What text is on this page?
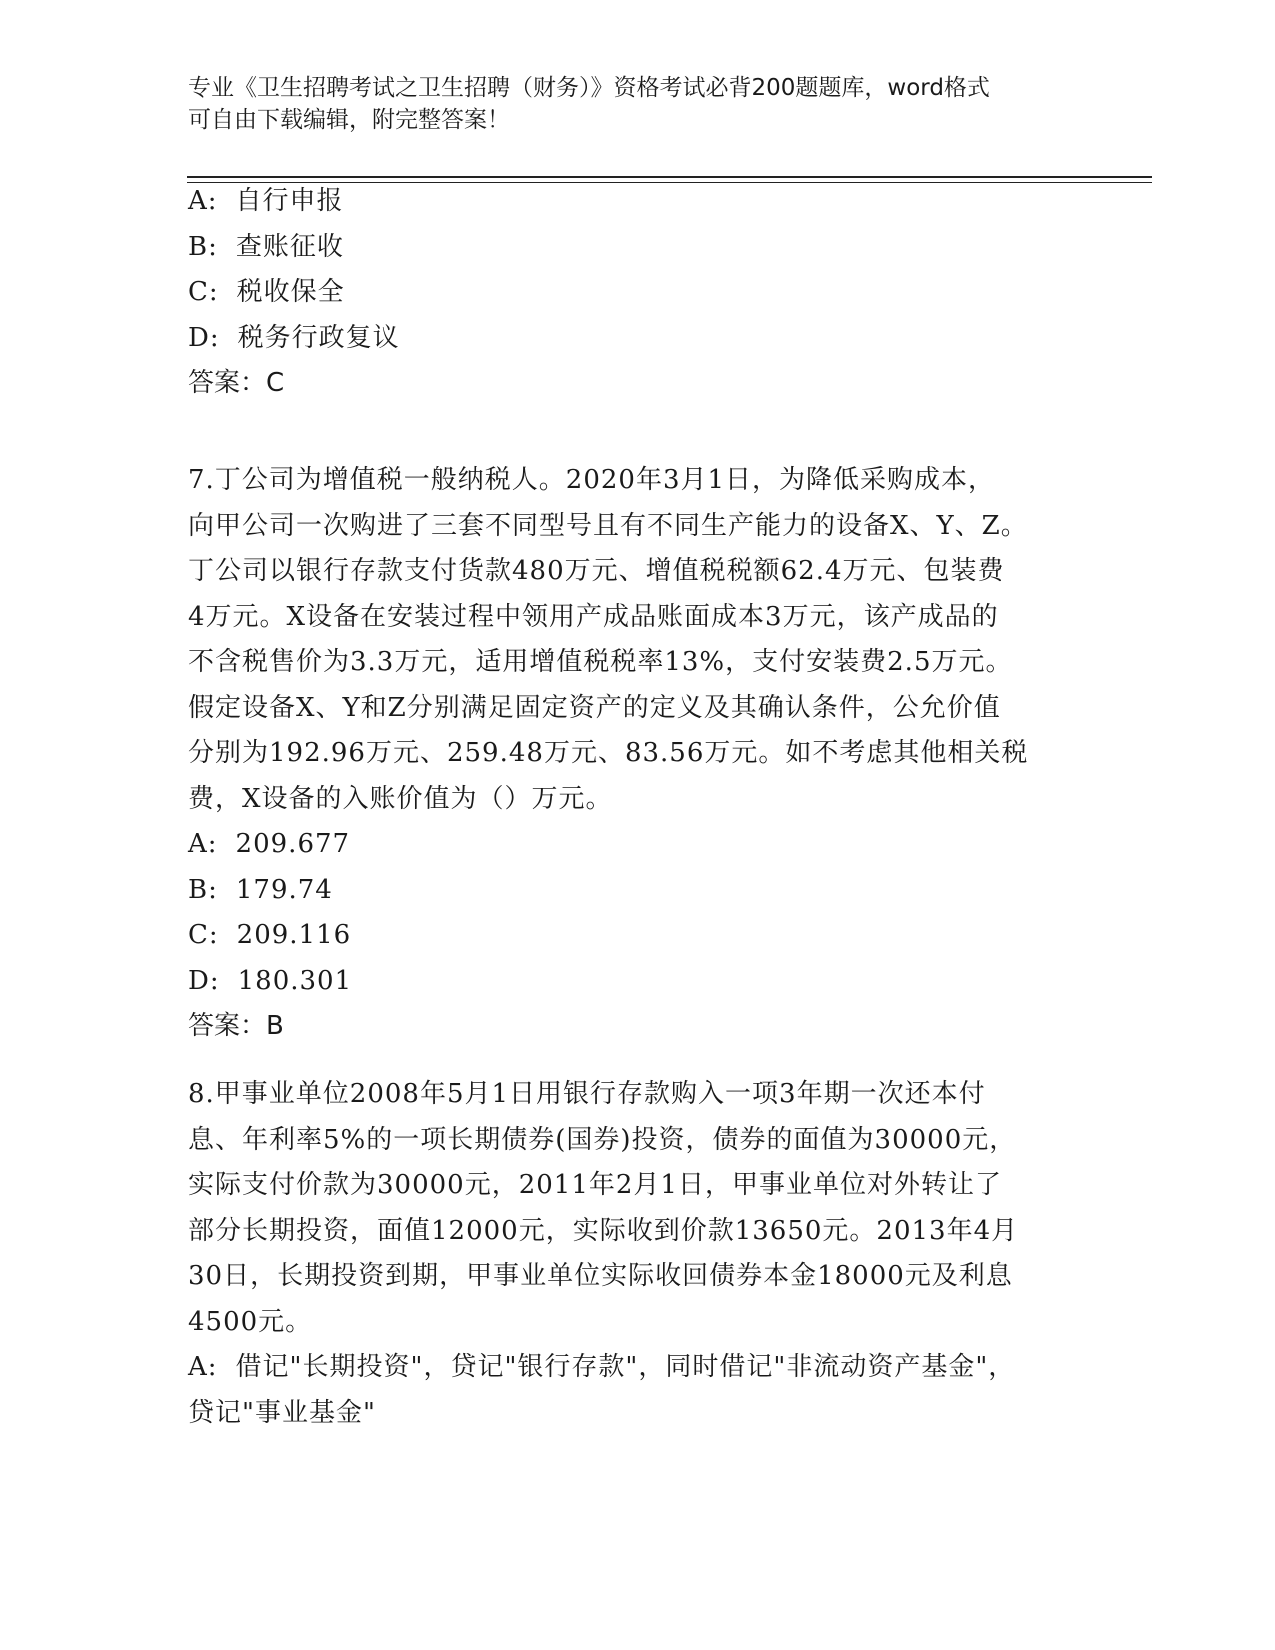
专业《卫生招聘考试之卫生招聘（财务）》资格考试必背200题题库，word格式
可自由下载编辑，附完整答案！
A: 自行申报
B: 查账征收
C: 税收保全
D: 税务行政复议
答案：C
7.丁公司为增值税一般纳税人。2020年3月1日，为降低采购成本，
向甲公司一次购进了三套不同型号且有不同生产能力的设备X、Y、Z。
丁公司以银行存款支付货款480万元、增值税税额62.4万元、包装费
4万元。X设备在安装过程中领用产成品账面成本3万元，该产成品的
不含税售价为3.3万元，适用增值税税率13%，支付安装费2.5万元。
假定设备X、Y和Z分别满足固定资产的定义及其确认条件，公允价值
分别为192.96万元、259.48万元、83.56万元。如不考虑其他相关税
费，X设备的入账价值为（）万元。
A: 209.677
B: 179.74
C: 209.116
D: 180.301
答案：B
8.甲事业单位2008年5月1日用银行存款购入一项3年期一次还本付
息、年利率5%的一项长期债券(国券)投资，债券的面值为30000元，
实际支付价款为30000元，2011年2月1日，甲事业单位对外转让了
部分长期投资，面值12000元，实际收到价款13650元。2013年4月
30日，长期投资到期，甲事业单位实际收回债券本金18000元及利息
4500元。
A: 借记"长期投资"，贷记"银行存款"，同时借记"非流动资产基金"，
贷记"事业基金"
